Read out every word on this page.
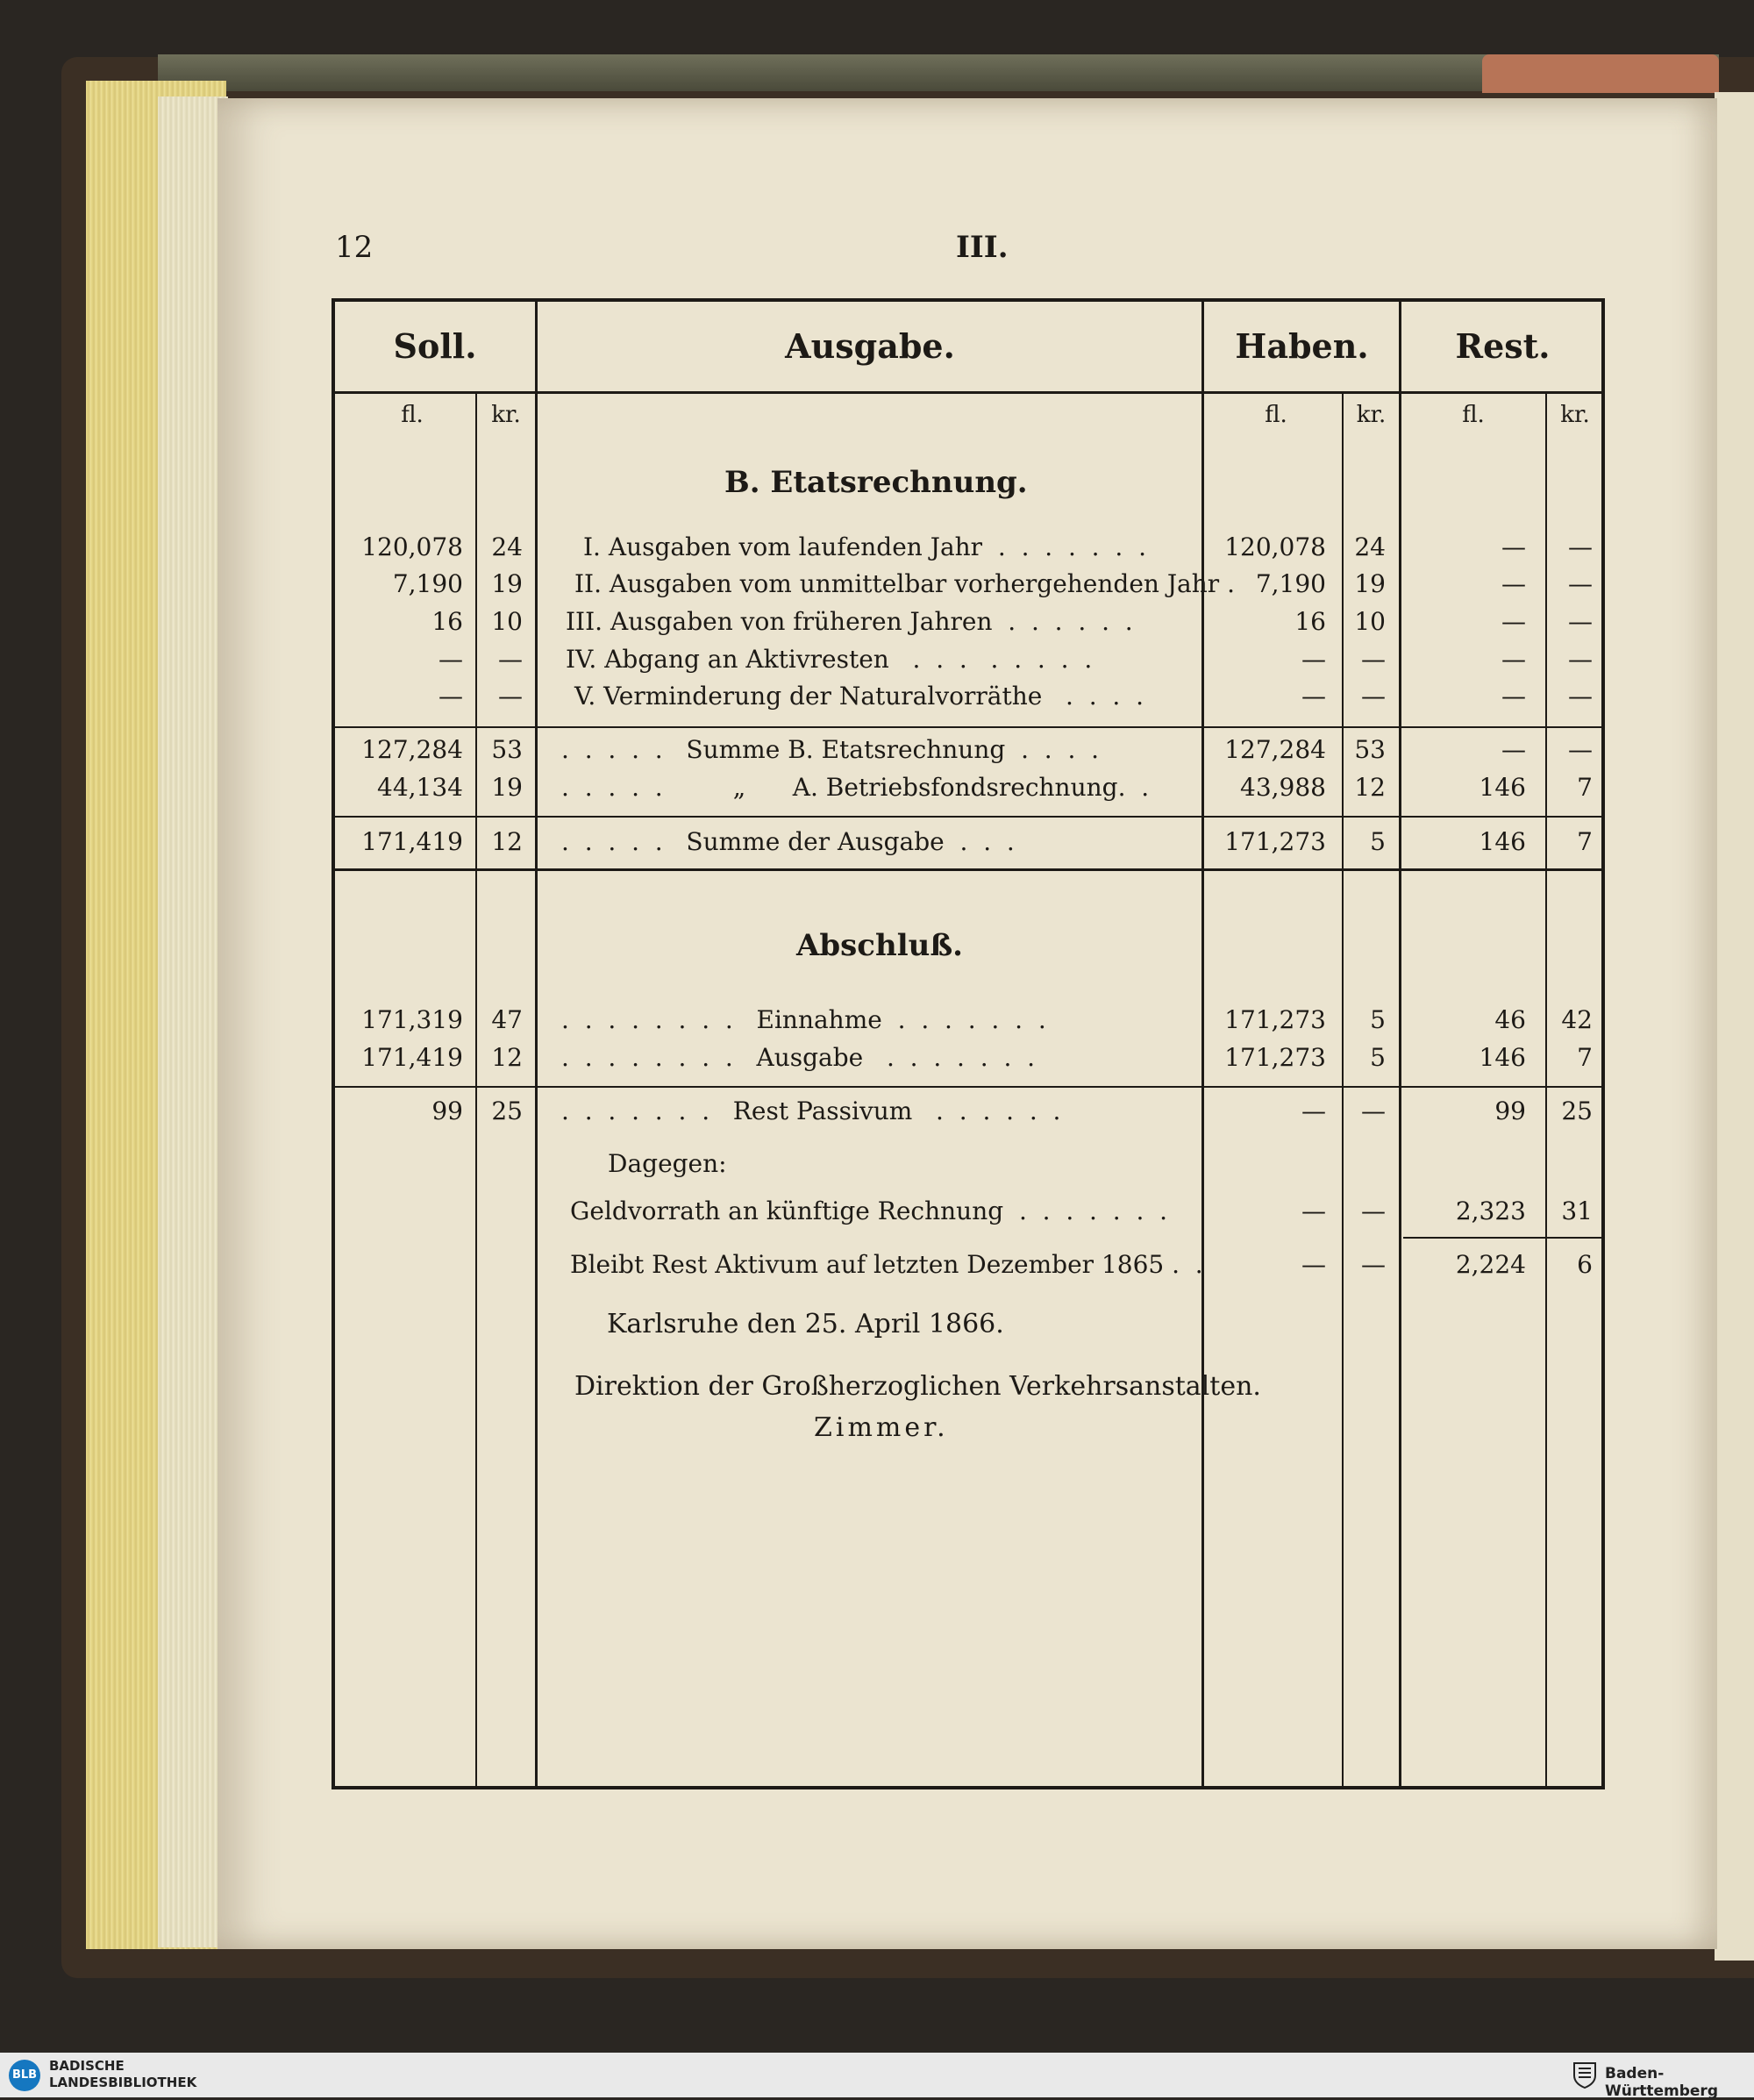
12	III.
Soll.	Ausgabe.	Haben.	Rest.
fl.	kr.	fl.	kr.	fl.	kr.
B. Etatsrechnung.
120,078	24 I. Ausgaben vom laufenden Jahr  .  .  .  .  .  .  .	120,078	24	—	—
7,190	19 II. Ausgaben vom unmittelbar vorhergehenden Jahr . 7,190	19	—	—
16	10 III. Ausgaben von früheren Jahren  .  .  .  .  .  .	16	10	—	—
—	— IV. Abgang an Aktivresten   .  .  .   .  .  .  .  .	—	—	—	—
—	— V. Verminderung der Naturalvorräthe   .  .  .  .	—	—	—	—
127,284	53 .  .  .  .  .   Summe B. Etatsrechnung  .  .  .  .	127,284	53	—	—
44,134	19 .  .  .  .  .         „      A. Betriebsfondsrechnung.  .	43,988	12	146	7
171,419	12 .  .  .  .  .   Summe der Ausgabe  .  .  .	171,273	5	146	7
Abschluß.
171,319	47 .  .  .  .  .  .  .  .   Einnahme  .  .  .  .  .  .  .	171,273	5	46	42
171,419	12 .  .  .  .  .  .  .  .   Ausgabe   .  .  .  .  .  .  .	171,273	5	146	7
99	25 .  .  .  .  .  .  .   Rest Passivum   .  .  .  .  .  .	—	—	99	25
Dagegen:
Geldvorrath an künftige Rechnung  .  .  .  .  .  .  .	—	—	2,323	31
Bleibt Rest Aktivum auf letzten Dezember 1865 .  .	—	—	2,224	6
Karlsruhe den 25. April 1866.
Direktion der Großherzoglichen Verkehrsanstalten.
Zimmer.
BLB
BADISCHE
LANDESBIBLIOTHEK	Baden-Württemberg
